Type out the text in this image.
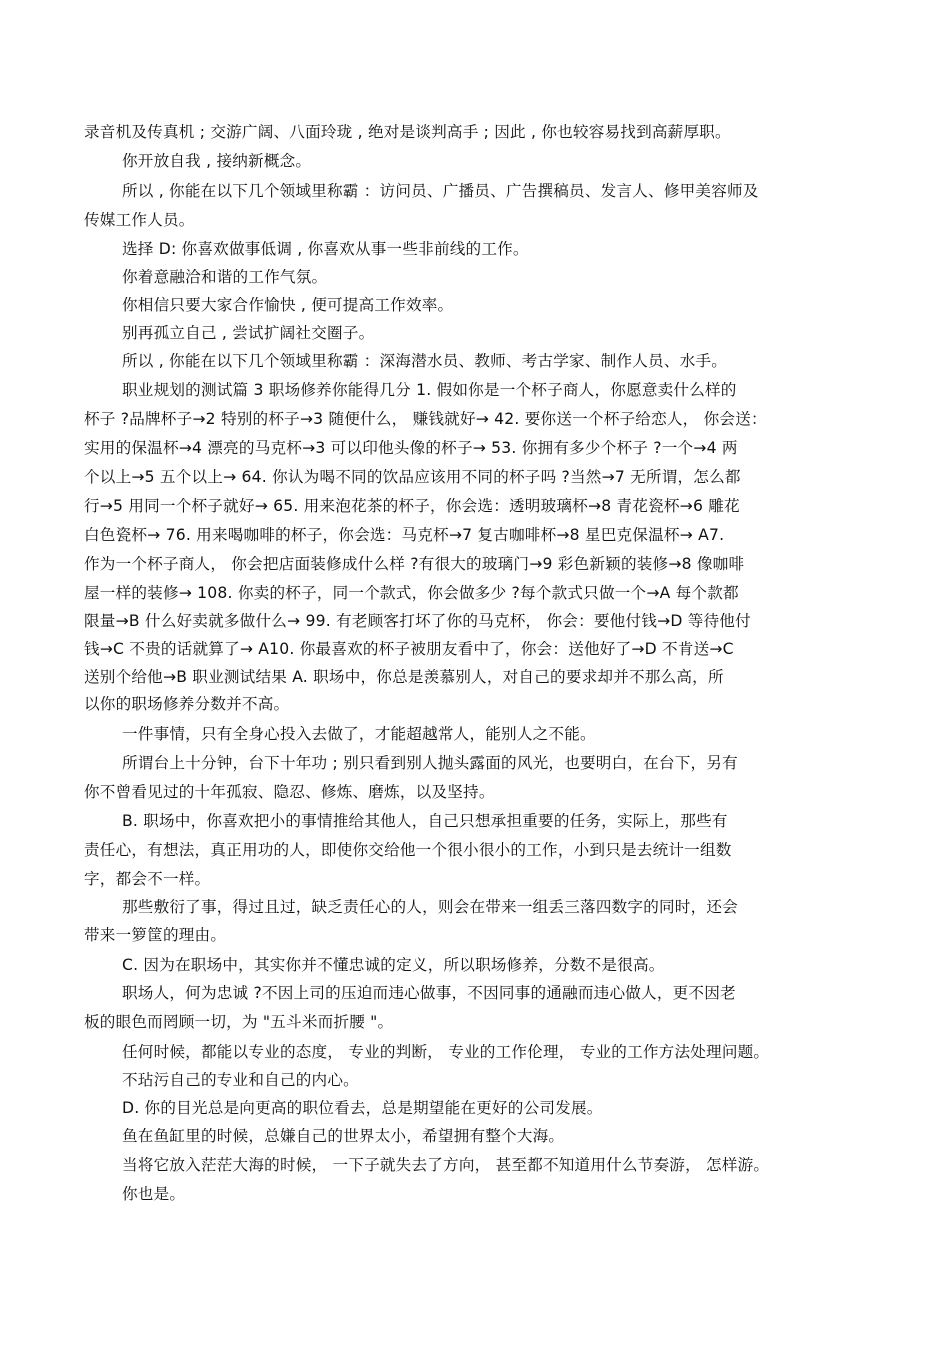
录音机及传真机 ; 交游广阔、八面玲珑 , 绝对是谈判高手 ; 因此 , 你也较容易找到高薪厚职。
你开放自我 , 接纳新概念。
所以 , 你能在以下几个领域里称霸 ：访问员、广播员、广告撰稿员、发言人、修甲美容师及
传媒工作人员。
选择 D: 你喜欢做事低调 , 你喜欢从事一些非前线的工作。
你着意融洽和谐的工作气氛。
你相信只要大家合作愉快 , 便可提高工作效率。
别再孤立自己 , 尝试扩阔社交圈子。
所以 , 你能在以下几个领域里称霸 ：深海潜水员、教师、考古学家、制作人员、水手。
职业规划的测试篇 3 职场修养你能得几分 1. 假如你是一个杯子商人，你愿意卖什么样的
杯子 ?品牌杯子→2 特别的杯子→3 随便什么， 赚钱就好→ 42. 要你送一个杯子给恋人， 你会送：
实用的保温杯→4 漂亮的马克杯→3 可以印他头像的杯子→ 53. 你拥有多少个杯子 ?一个→4 两
个以上→5 五个以上→ 64. 你认为喝不同的饮品应该用不同的杯子吗 ?当然→7 无所谓，怎么都
行→5 用同一个杯子就好→ 65. 用来泡花茶的杯子，你会选：透明玻璃杯→8 青花瓷杯→6 雕花
白色瓷杯→ 76. 用来喝咖啡的杯子，你会选：马克杯→7 复古咖啡杯→8 星巴克保温杯→ A7.
作为一个杯子商人， 你会把店面装修成什么样 ?有很大的玻璃门→9 彩色新颖的装修→8 像咖啡
屋一样的装修→ 108. 你卖的杯子，同一个款式，你会做多少 ?每个款式只做一个→A 每个款都
限量→B 什么好卖就多做什么→ 99. 有老顾客打坏了你的马克杯， 你会：要他付钱→D 等待他付
钱→C 不贵的话就算了→ A10. 你最喜欢的杯子被朋友看中了，你会：送他好了→D 不肯送→C
送别个给他→B 职业测试结果 A. 职场中，你总是羡慕别人，对自己的要求却并不那么高，所
以你的职场修养分数并不高。
一件事情，只有全身心投入去做了，才能超越常人，能别人之不能。
所谓台上十分钟，台下十年功 ; 别只看到别人抛头露面的风光，也要明白，在台下，另有
你不曾看见过的十年孤寂、隐忍、修炼、磨炼，以及坚持。
B. 职场中，你喜欢把小的事情推给其他人，自己只想承担重要的任务，实际上，那些有
责任心，有想法，真正用功的人，即使你交给他一个很小很小的工作，小到只是去统计一组数
字，都会不一样。
那些敷衍了事，得过且过，缺乏责任心的人，则会在带来一组丢三落四数字的同时，还会
带来一箩筐的理由。
C. 因为在职场中，其实你并不懂忠诚的定义，所以职场修养，分数不是很高。
职场人，何为忠诚 ?不因上司的压迫而违心做事，不因同事的通融而违心做人，更不因老
板的眼色而罔顾一切，为 "五斗米而折腰 "。
任何时候，都能以专业的态度， 专业的判断， 专业的工作伦理， 专业的工作方法处理问题。
不玷污自己的专业和自己的内心。
D. 你的目光总是向更高的职位看去，总是期望能在更好的公司发展。
鱼在鱼缸里的时候，总嫌自己的世界太小，希望拥有整个大海。
当将它放入茫茫大海的时候， 一下子就失去了方向， 甚至都不知道用什么节奏游， 怎样游。
你也是。
